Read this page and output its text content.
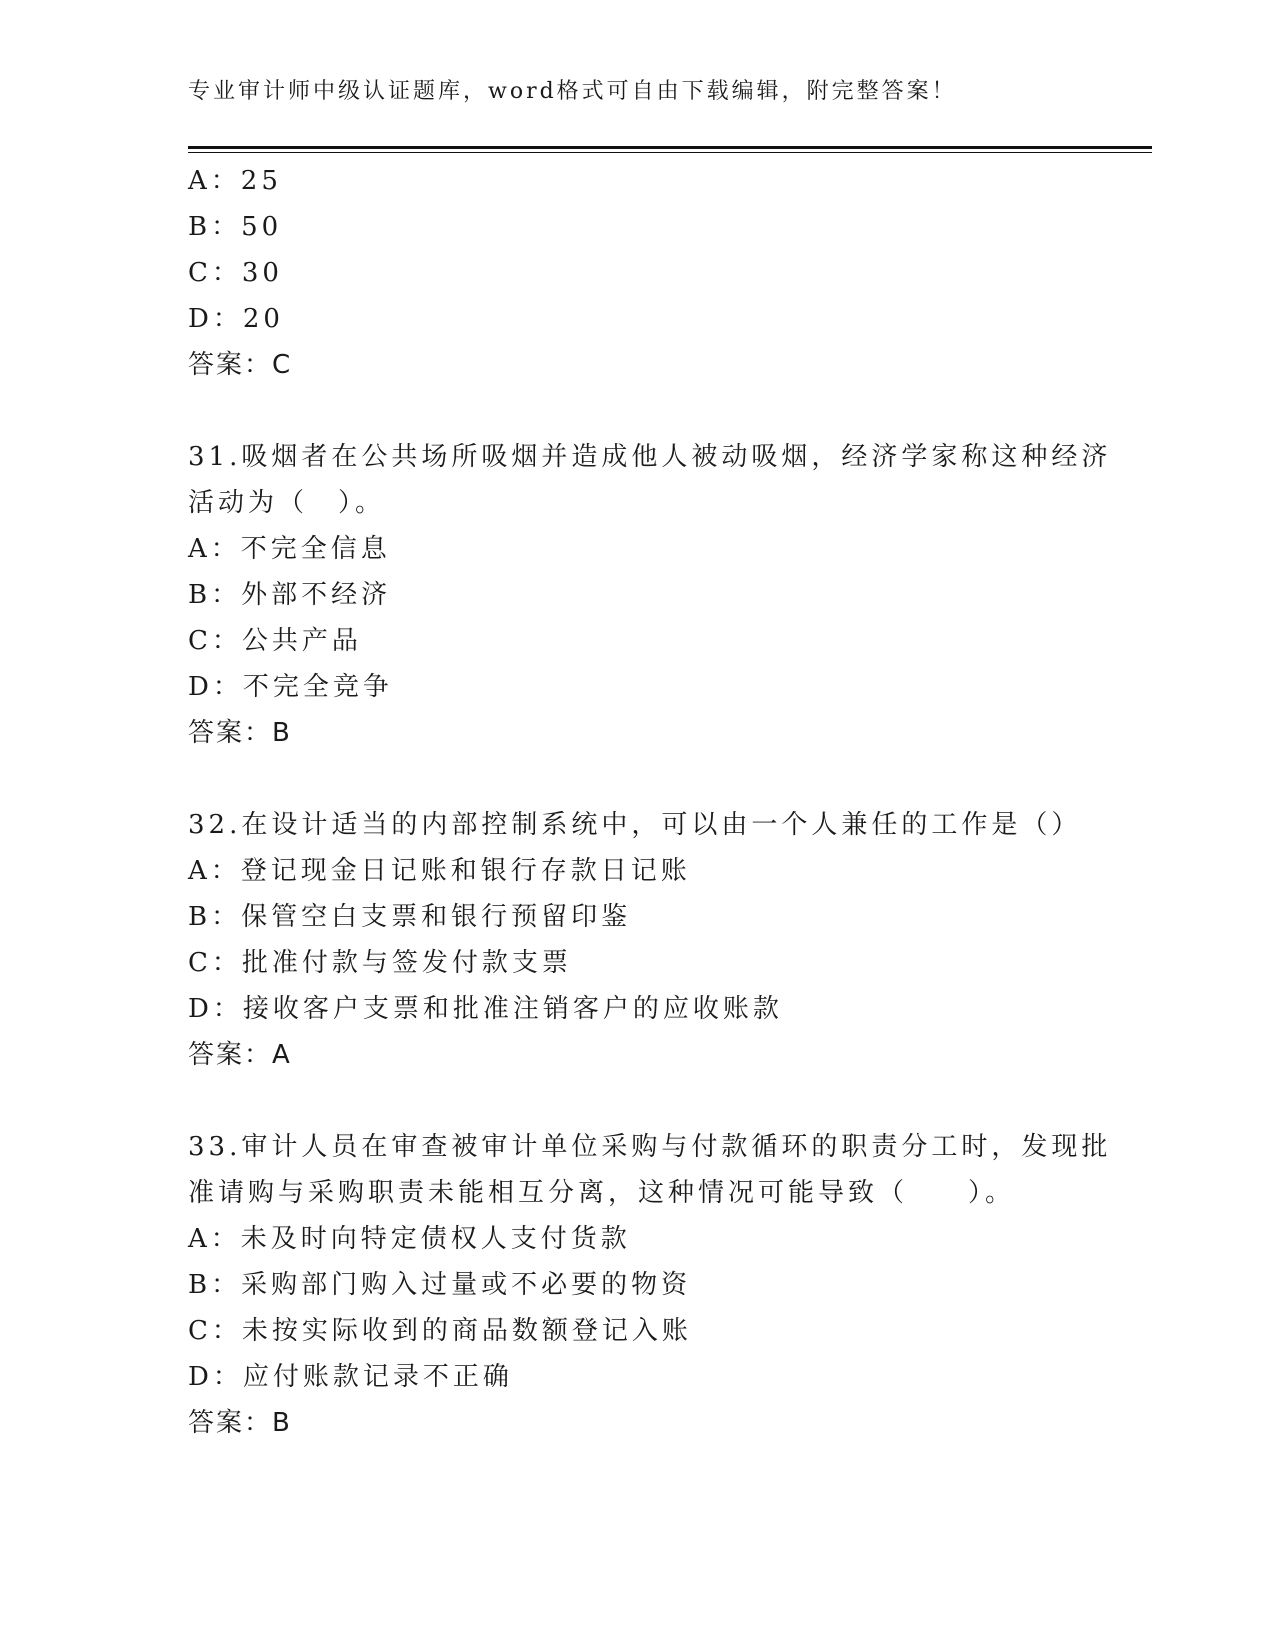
专业审计师中级认证题库，word格式可自由下载编辑，附完整答案！
A：25
B：50
C：30
D：20
答案：C
31.吸烟者在公共场所吸烟并造成他人被动吸烟，经济学家称这种经济
活动为（　）。
A：不完全信息
B：外部不经济
C：公共产品
D：不完全竞争
答案：B
32.在设计适当的内部控制系统中，可以由一个人兼任的工作是（）
A：登记现金日记账和银行存款日记账
B：保管空白支票和银行预留印鉴
C：批准付款与签发付款支票
D：接收客户支票和批准注销客户的应收账款
答案：A
33.审计人员在审查被审计单位采购与付款循环的职责分工时，发现批
准请购与采购职责未能相互分离，这种情况可能导致（　　）。
A：未及时向特定债权人支付货款
B：采购部门购入过量或不必要的物资
C：未按实际收到的商品数额登记入账
D：应付账款记录不正确
答案：B
